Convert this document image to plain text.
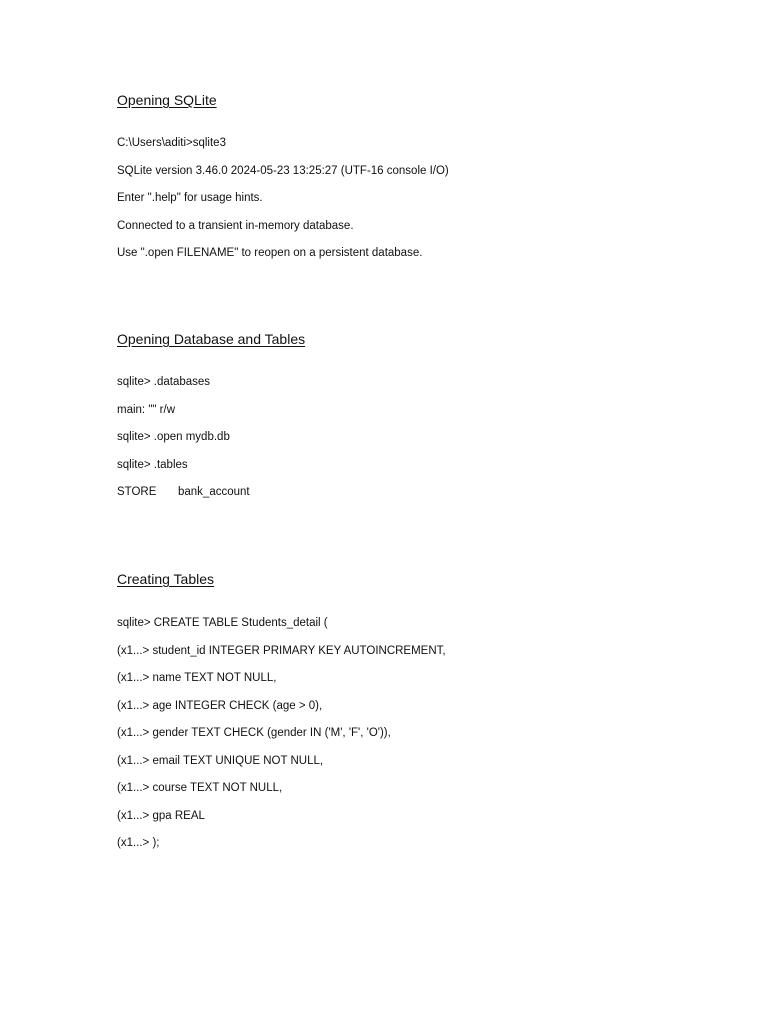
Opening SQLite

C:\Users\aditi>sqlite3

SQLite version 3.46.0 2024-05-23 13:25:27 (UTF-16 console I/O)

Enter ".help" for usage hints.

Connected to a transient in-memory database.

Use ".open FILENAME" to reopen on a persistent database.

Opening Database and Tables

sqlite> .databases

main: "" r/w

sqlite> .open mydb.db

sqlite> .tables

STORE bank_account

Creating Tables

sqlite> CREATE TABLE Students_detail (

(x1...> student_id INTEGER PRIMARY KEY AUTOINCREMENT,

(x1...> name TEXT NOT NULL,

(x1...> age INTEGER CHECK (age > 0),

(x1...> gender TEXT CHECK (gender IN ('M', 'F', 'O')),

(x1...> email TEXT UNIQUE NOT NULL,

(x1...> course TEXT NOT NULL,

(x1...> gpa REAL

(x1...> );
